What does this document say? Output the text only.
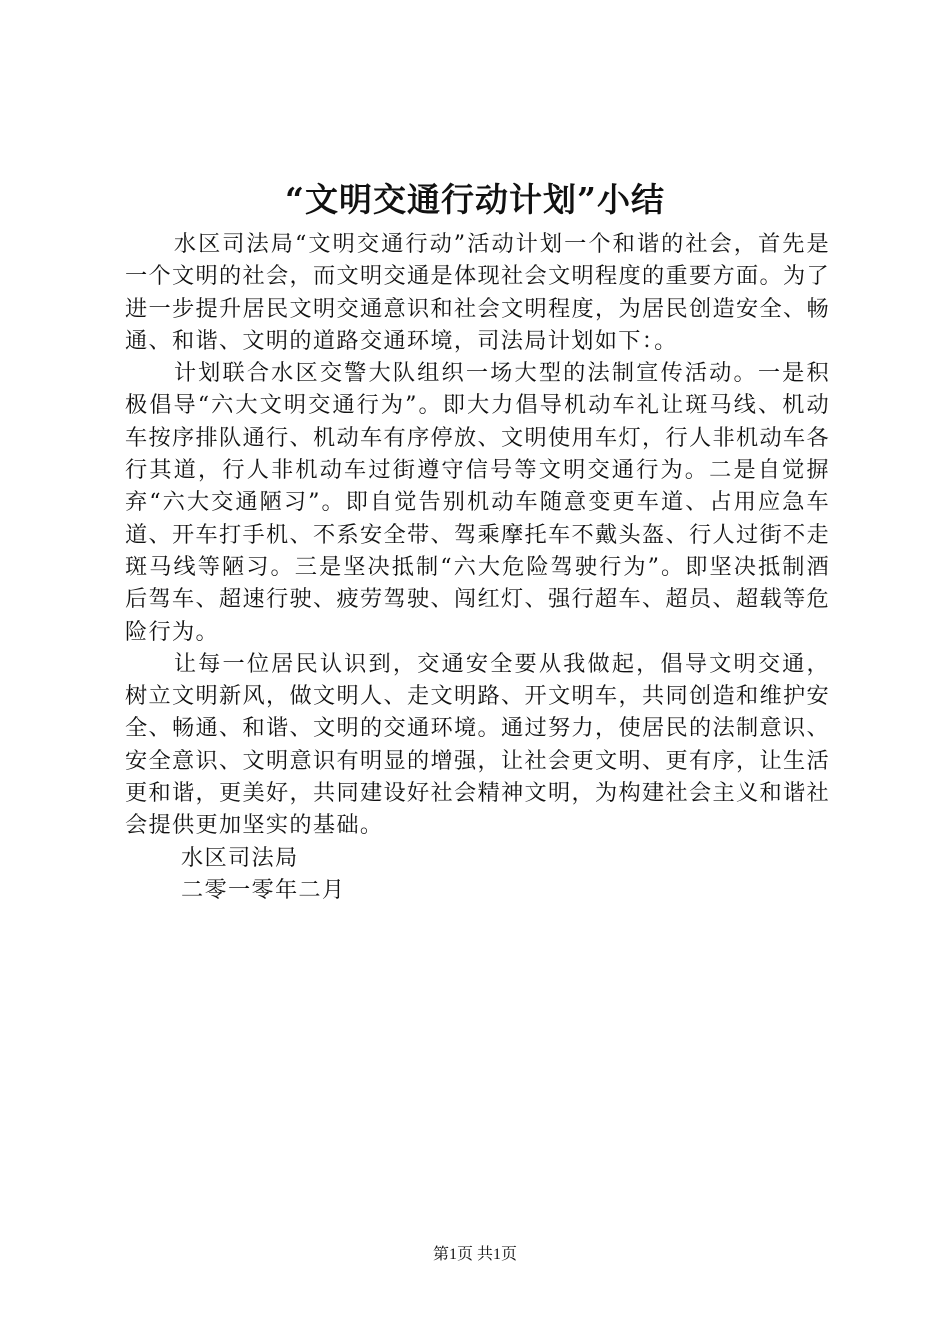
“文明交通行动计划”小结

水区司法局“文明交通行动”活动计划一个和谐的社会，首先是一个文明的社会，而文明交通是体现社会文明程度的重要方面。为了进一步提升居民文明交通意识和社会文明程度，为居民创造安全、畅通、和谐、文明的道路交通环境，司法局计划如下：。

计划联合水区交警大队组织一场大型的法制宣传活动。一是积极倡导“六大文明交通行为”。即大力倡导机动车礼让斑马线、机动车按序排队通行、机动车有序停放、文明使用车灯，行人非机动车各行其道，行人非机动车过街遵守信号等文明交通行为。二是自觉摒弃“六大交通陋习”。即自觉告别机动车随意变更车道、占用应急车道、开车打手机、不系安全带、驾乘摩托车不戴头盔、行人过街不走斑马线等陋习。三是坚决抵制“六大危险驾驶行为”。即坚决抵制酒后驾车、超速行驶、疲劳驾驶、闯红灯、强行超车、超员、超载等危险行为。

让每一位居民认识到，交通安全要从我做起，倡导文明交通，树立文明新风，做文明人、走文明路、开文明车，共同创造和维护安全、畅通、和谐、文明的交通环境。通过努力，使居民的法制意识、安全意识、文明意识有明显的增强，让社会更文明、更有序，让生活更和谐，更美好，共同建设好社会精神文明，为构建社会主义和谐社会提供更加坚实的基础。

水区司法局

二零一零年二月

第1页 共1页
